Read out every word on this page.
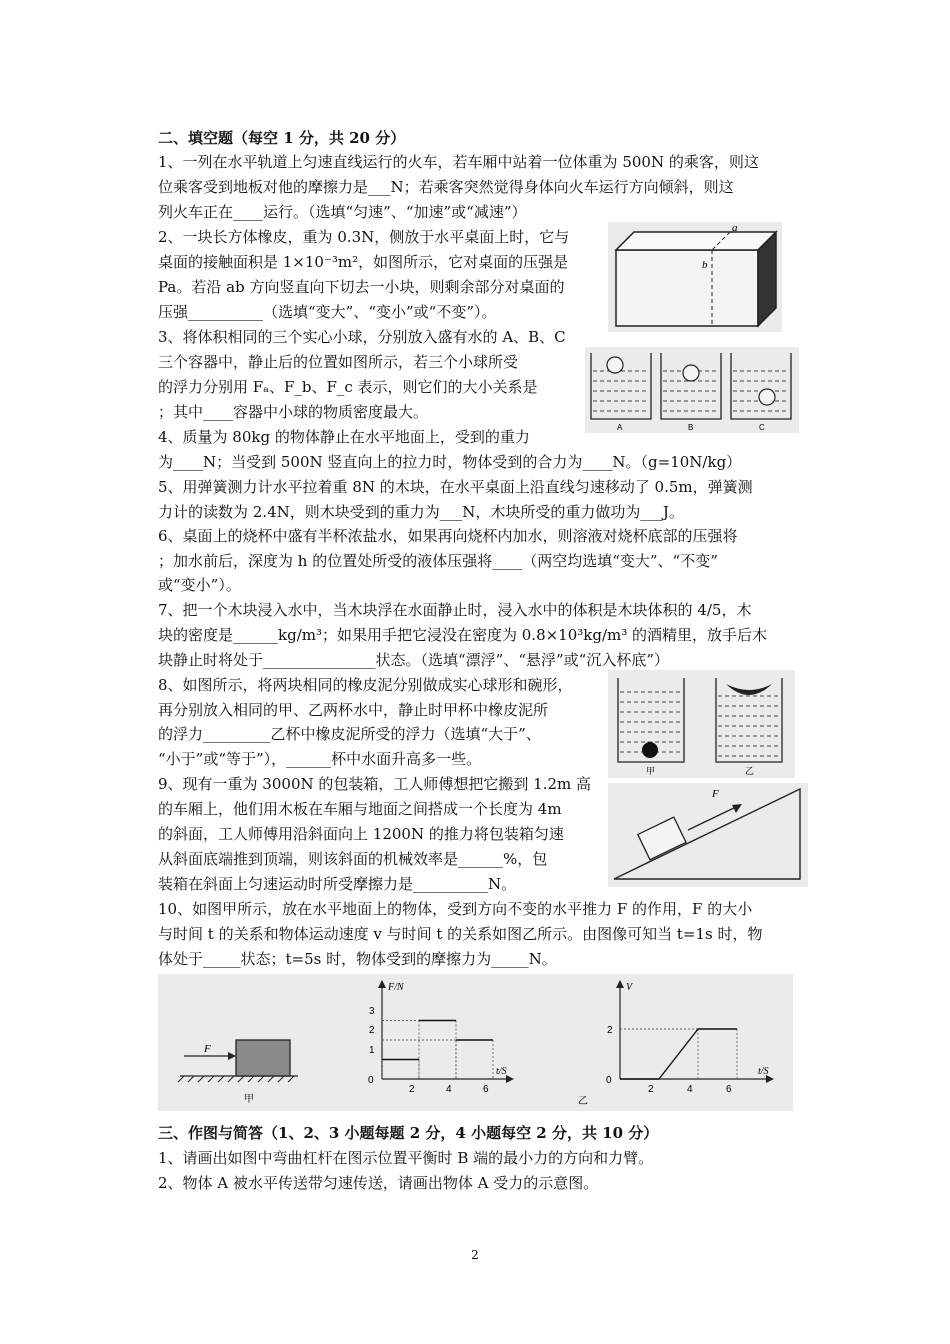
二、填空题（每空 1 分，共 20 分）
1、一列在水平轨道上匀速直线运行的火车，若车厢中站着一位体重为 500N 的乘客，则这
位乘客受到地板对他的摩擦力是___N；若乘客突然觉得身体向火车运行方向倾斜，则这
列火车正在____运行。（选填“匀速”、“加速”或“减速”）
2、一块长方体橡皮，重为 0.3N，侧放于水平桌面上时，它与
桌面的接触面积是 1×10⁻³m²，如图所示，它对桌面的压强是
Pa。若沿 ab 方向竖直向下切去一小块，则剩余部分对桌面的
压强__________（选填“变大”、“变小”或“不变”）。
a
b
3、将体积相同的三个实心小球，分别放入盛有水的 A、B、C
三个容器中，静止后的位置如图所示，若三个小球所受
的浮力分别用 Fₐ、F_b、F_c 表示，则它们的大小关系是
；其中____容器中小球的物质密度最大。
A	B	C
4、质量为 80kg 的物体静止在水平地面上，受到的重力
为____N；当受到 500N 竖直向上的拉力时，物体受到的合力为____N。（g=10N/kg）
5、用弹簧测力计水平拉着重 8N 的木块，在水平桌面上沿直线匀速移动了 0.5m，弹簧测
力计的读数为 2.4N，则木块受到的重力为___N，木块所受的重力做功为___J。
6、桌面上的烧杯中盛有半杯浓盐水，如果再向烧杯内加水，则溶液对烧杯底部的压强将
；加水前后，深度为 h 的位置处所受的液体压强将____（两空均选填“变大”、“不变”
或“变小”）。
7、把一个木块浸入水中，当木块浮在水面静止时，浸入水中的体积是木块体积的 4/5，木
块的密度是______kg/m³；如果用手把它浸没在密度为 0.8×10³kg/m³ 的酒精里，放手后木
块静止时将处于_______________状态。（选填“漂浮”、“悬浮”或“沉入杯底”）
8、如图所示，将两块相同的橡皮泥分别做成实心球形和碗形，
再分别放入相同的甲、乙两杯水中，静止时甲杯中橡皮泥所
的浮力_________乙杯中橡皮泥所受的浮力（选填“大于”、
“小于”或“等于”），______杯中水面升高多一些。
甲	乙
9、现有一重为 3000N 的包装箱，工人师傅想把它搬到 1.2m 高
的车厢上，他们用木板在车厢与地面之间搭成一个长度为 4m
的斜面，工人师傅用沿斜面向上 1200N 的推力将包装箱匀速
从斜面底端推到顶端，则该斜面的机械效率是______%，包
装箱在斜面上匀速运动时所受摩擦力是__________N。
F
10、如图甲所示，放在水平地面上的物体，受到方向不变的水平推力 F 的作用，F 的大小
与时间 t 的关系和物体运动速度 v 与时间 t 的关系如图乙所示。由图像可知当 t=1s 时，物
体处于_____状态；t=5s 时，物体受到的摩擦力为_____N。
F
甲
F/N
t/S
0
2	4	6
3
2
1
V
t/S
0
2	4	6
2
乙
三、作图与简答（1、2、3 小题每题 2 分，4 小题每空 2 分，共 10 分）
1、请画出如图中弯曲杠杆在图示位置平衡时 B 端的最小力的方向和力臂。
2、物体 A 被水平传送带匀速传送，请画出物体 A 受力的示意图。
2
